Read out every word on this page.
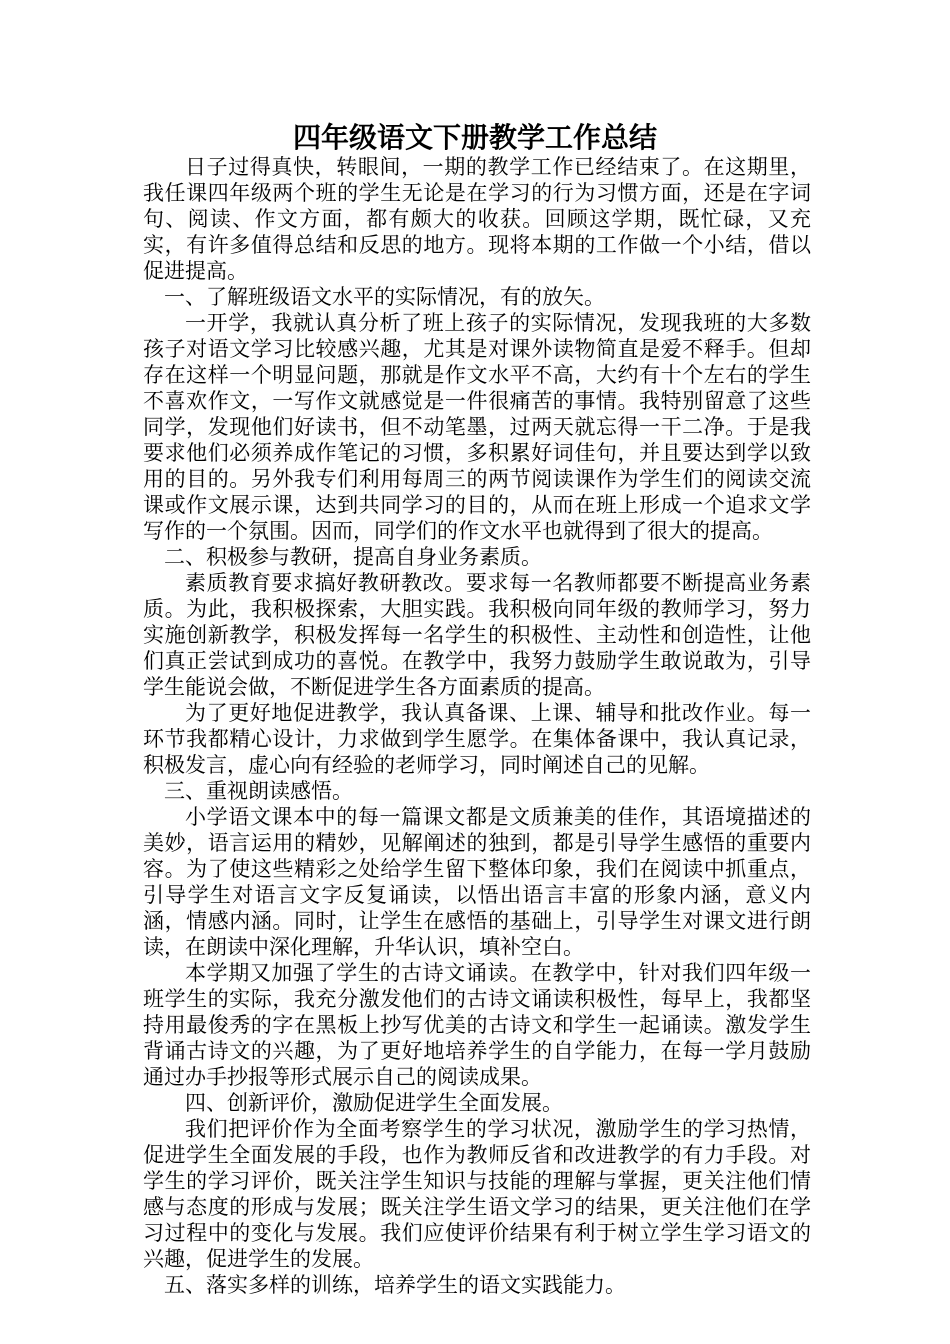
四年级语文下册教学工作总结

日子过得真快，转眼间，一期的教学工作已经结束了。在这期里，我任课四年级两个班的学生无论是在学习的行为习惯方面，还是在字词句、阅读、作文方面，都有颇大的收获。回顾这学期，既忙碌，又充实，有许多值得总结和反思的地方。现将本期的工作做一个小结，借以促进提高。

一、了解班级语文水平的实际情况，有的放矢。

一开学，我就认真分析了班上孩子的实际情况，发现我班的大多数孩子对语文学习比较感兴趣，尤其是对课外读物简直是爱不释手。但却存在这样一个明显问题，那就是作文水平不高，大约有十个左右的学生不喜欢作文，一写作文就感觉是一件很痛苦的事情。我特别留意了这些同学，发现他们好读书，但不动笔墨，过两天就忘得一干二净。于是我要求他们必须养成作笔记的习惯，多积累好词佳句，并且要达到学以致用的目的。另外我专们利用每周三的两节阅读课作为学生们的阅读交流课或作文展示课，达到共同学习的目的，从而在班上形成一个追求文学写作的一个氛围。因而，同学们的作文水平也就得到了很大的提高。

二、积极参与教研，提高自身业务素质。

素质教育要求搞好教研教改。要求每一名教师都要不断提高业务素质。为此，我积极探索，大胆实践。我积极向同年级的教师学习，努力实施创新教学，积极发挥每一名学生的积极性、主动性和创造性，让他们真正尝试到成功的喜悦。在教学中，我努力鼓励学生敢说敢为，引导学生能说会做，不断促进学生各方面素质的提高。

为了更好地促进教学，我认真备课、上课、辅导和批改作业。每一环节我都精心设计，力求做到学生愿学。在集体备课中，我认真记录，积极发言，虚心向有经验的老师学习，同时阐述自己的见解。

三、重视朗读感悟。

小学语文课本中的每一篇课文都是文质兼美的佳作，其语境描述的美妙，语言运用的精妙，见解阐述的独到，都是引导学生感悟的重要内容。为了使这些精彩之处给学生留下整体印象，我们在阅读中抓重点，引导学生对语言文字反复诵读，以悟出语言丰富的形象内涵，意义内涵，情感内涵。同时，让学生在感悟的基础上，引导学生对课文进行朗读，在朗读中深化理解，升华认识，填补空白。

本学期又加强了学生的古诗文诵读。在教学中，针对我们四年级一班学生的实际，我充分激发他们的古诗文诵读积极性，每早上，我都坚持用最俊秀的字在黑板上抄写优美的古诗文和学生一起诵读。激发学生背诵古诗文的兴趣，为了更好地培养学生的自学能力，在每一学月鼓励通过办手抄报等形式展示自己的阅读成果。

四、创新评价，激励促进学生全面发展。

我们把评价作为全面考察学生的学习状况，激励学生的学习热情，促进学生全面发展的手段，也作为教师反省和改进教学的有力手段。对学生的学习评价，既关注学生知识与技能的理解与掌握，更关注他们情感与态度的形成与发展；既关注学生语文学习的结果，更关注他们在学习过程中的变化与发展。我们应使评价结果有利于树立学生学习语文的兴趣，促进学生的发展。

五、落实多样的训练，培养学生的语文实践能力。
